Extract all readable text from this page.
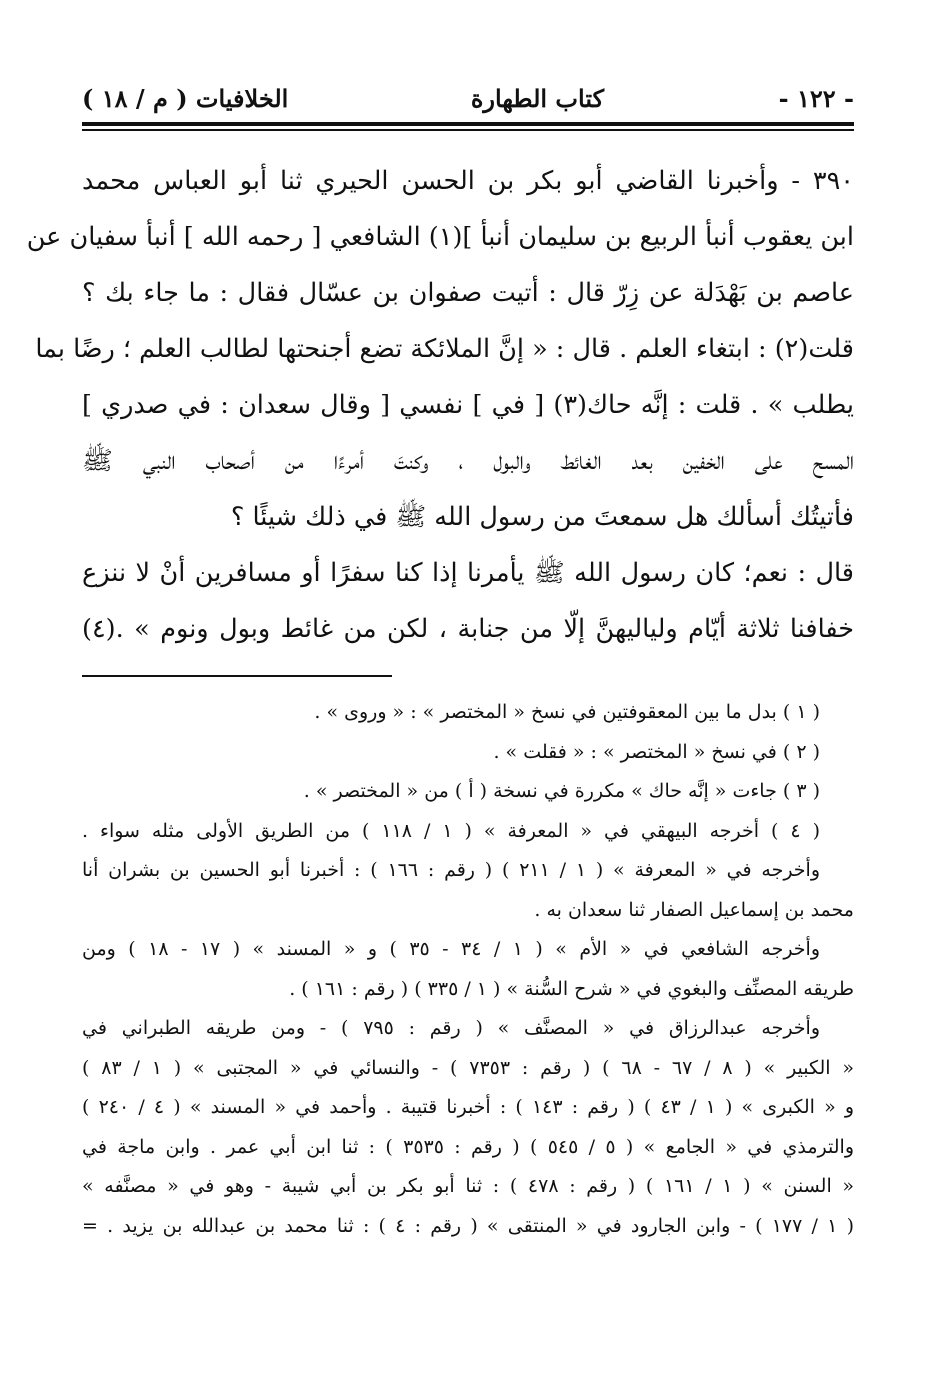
- ١٢٢ -
كتاب الطهارة
الخلافيات ( م / ١٨ )
٣٩٠ - وأخبرنا القاضي أبو بكر بن الحسن الحيري ثنا أبو العباس محمد
ابن يعقوب أنبأ الربيع بن سليمان أنبأ ](١) الشافعي [ رحمه الله ] أنبأ سفيان عن
عاصم بن بَهْدَلة عن زِرّ قال : أتيت صفوان بن عسّال فقال : ما جاء بك ؟
قلت(٢) : ابتغاء العلم . قال : « إنَّ الملائكة تضع أجنحتها لطالب العلم ؛ رضًا بما
يطلب » . قلت : إنَّه حاك(٣) [ في ] نفسي [ وقال سعدان : في صدري ]
المسح على الخفين بعد الغائط والبول ، وكنتَ أمرءًا من أصحاب النبي ﷺ
فأتيتُك أسألك هل سمعتَ من رسول الله ﷺ في ذلك شيئًا ؟
قال : نعم؛ كان رسول الله ﷺ يأمرنا إذا كنا سفرًا أو مسافرين أنْ لا ننزع
خفافنا ثلاثة أيّام ولياليهنَّ إلّا من جنابة ، لكن من غائط وبول ونوم » .(٤)
( ١ ) بدل ما بين المعقوفتين في نسخ « المختصر » : « وروى » .
( ٢ ) في نسخ « المختصر » : « فقلت » .
( ٣ ) جاءت « إنَّه حاك » مكررة في نسخة ( أ ) من « المختصر » .
( ٤ ) أخرجه البيهقي في « المعرفة » ( ١ / ١١٨ ) من الطريق الأولى مثله سواء .
وأخرجه في « المعرفة » ( ١ / ٢١١ ) ( رقم : ١٦٦ ) : أخبرنا أبو الحسين بن بشران أنا
محمد بن إسماعيل الصفار ثنا سعدان به .
وأخرجه الشافعي في « الأم » ( ١ / ٣٤ - ٣٥ ) و « المسند » ( ١٧ - ١٨ ) ومن
طريقه المصنِّف والبغوي في « شرح السُّنة » ( ١ / ٣٣٥ ) ( رقم : ١٦١ ) .
وأخرجه عبدالرزاق في « المصنَّف » ( رقم : ٧٩٥ ) - ومن طريقه الطبراني في
« الكبير » ( ٨ / ٦٧ - ٦٨ ) ( رقم : ٧٣٥٣ ) - والنسائي في « المجتبى » ( ١ / ٨٣ )
و « الكبرى » ( ١ / ٤٣ ) ( رقم : ١٤٣ ) : أخبرنا قتيبة . وأحمد في « المسند » ( ٤ / ٢٤٠ )
والترمذي في « الجامع » ( ٥ / ٥٤٥ ) ( رقم : ٣٥٣٥ ) : ثنا ابن أبي عمر . وابن ماجة في
« السنن » ( ١ / ١٦١ ) ( رقم : ٤٧٨ ) : ثنا أبو بكر بن أبي شيبة - وهو في « مصنَّفه »
( ١ / ١٧٧ ) - وابن الجارود في « المنتقى » ( رقم : ٤ ) : ثنا محمد بن عبدالله بن يزيد . =
